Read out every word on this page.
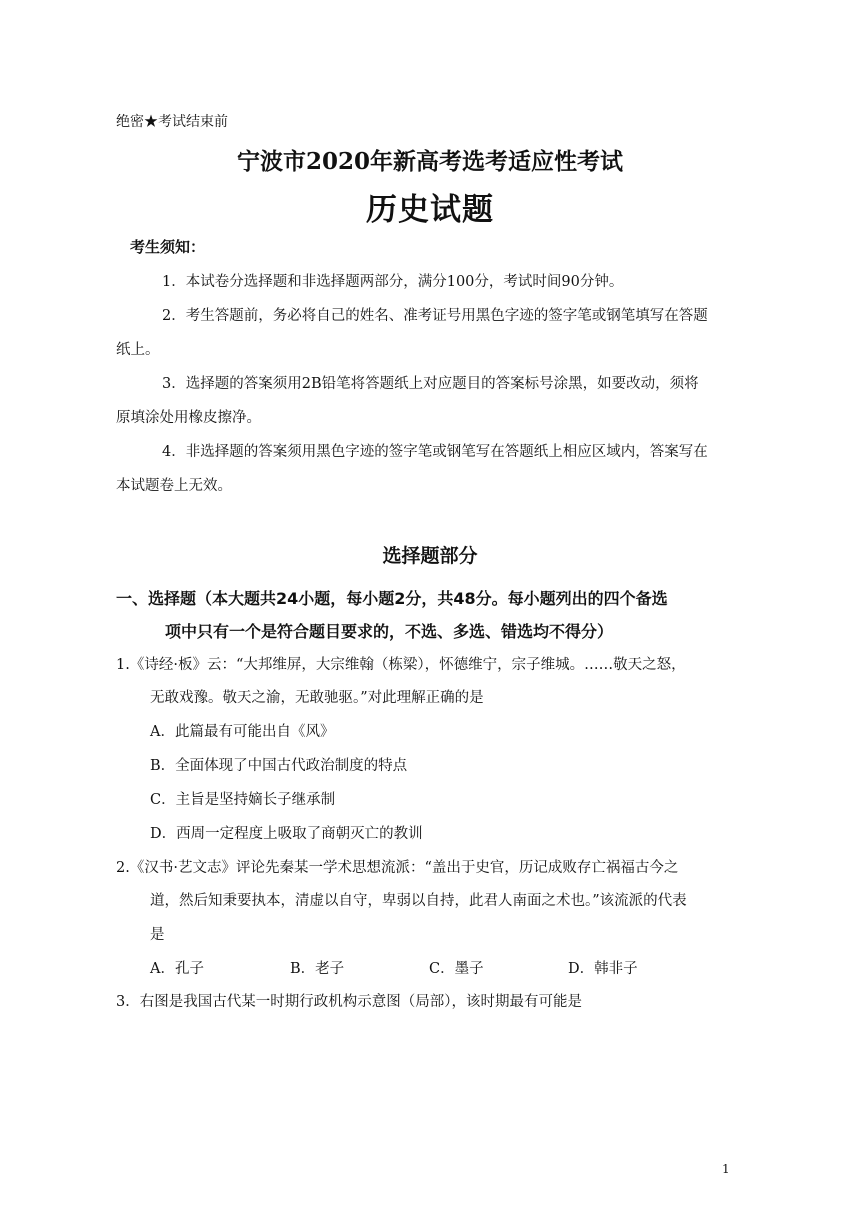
绝密★考试结束前
宁波市2020年新高考选考适应性考试
历史试题
考生须知：
1．本试卷分选择题和非选择题两部分，满分100分，考试时间90分钟。
2．考生答题前，务必将自己的姓名、准考证号用黑色字迹的签字笔或钢笔填写在答题
纸上。
3．选择题的答案须用2B铅笔将答题纸上对应题目的答案标号涂黑，如要改动，须将
原填涂处用橡皮擦净。
4．非选择题的答案须用黑色字迹的签字笔或钢笔写在答题纸上相应区域内，答案写在
本试题卷上无效。
选择题部分
一、选择题（本大题共24小题，每小题2分，共48分。每小题列出的四个备选
项中只有一个是符合题目要求的，不选、多选、错选均不得分）
1.《诗经·板》云：“大邦维屏，大宗维翰（栋梁），怀德维宁，宗子维城。……敬天之怒，
无敢戏豫。敬天之渝，无敢驰驱。”对此理解正确的是
A．此篇最有可能出自《风》
B．全面体现了中国古代政治制度的特点
C．主旨是坚持嫡长子继承制
D．西周一定程度上吸取了商朝灭亡的教训
2.《汉书·艺文志》评论先秦某一学术思想流派：“盖出于史官，历记成败存亡祸福古今之
道，然后知秉要执本，清虚以自守，卑弱以自持，此君人南面之术也。”该流派的代表
是
A．孔子	B．老子	C．墨子	D．韩非子
3．右图是我国古代某一时期行政机构示意图（局部），该时期最有可能是
1
